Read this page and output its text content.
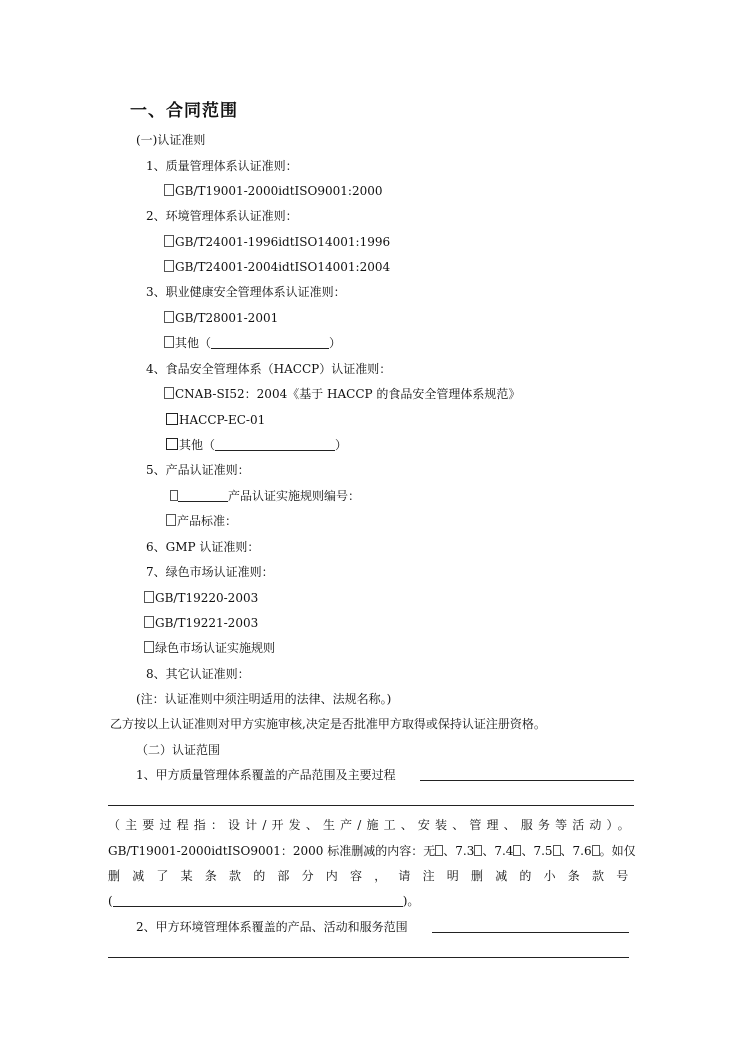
一、合同范围
(一)认证准则
1、质量管理体系认证准则：
GB/T19001-2000idtISO9001:2000
2、环境管理体系认证准则：
GB/T24001-1996idtISO14001:1996
GB/T24001-2004idtISO14001:2004
3、职业健康安全管理体系认证准则：
GB/T28001-2001
其他（	）
4、食品安全管理体系（HACCP）认证准则：
CNAB-SI52：2004《基于 HACCP 的食品安全管理体系规范》
HACCP-EC-01
其他（	）
5、产品认证准则：
产品认证实施规则编号：
产品标准：
6、GMP 认证准则：
7、绿色市场认证准则：
GB/T19220-2003
GB/T19221-2003
绿色市场认证实施规则
8、其它认证准则：
(注：认证准则中须注明适用的法律、法规名称。)
乙方按以上认证准则对甲方实施审核,决定是否批准甲方取得或保持认证注册资格。
（二）认证范围
1、甲方质量管理体系覆盖的产品范围及主要过程
（主要过程指：设计/开发、生产/施工、安装、管理、服务等活动）。
GB/T19001-2000idtISO9001：2000 标准删减的内容：无 、7.3 、7.4 、7.5 、7.6 。如仅
删减了某条款的部分内容，请注明删减的小条款号
(	)。
2、甲方环境管理体系覆盖的产品、活动和服务范围
